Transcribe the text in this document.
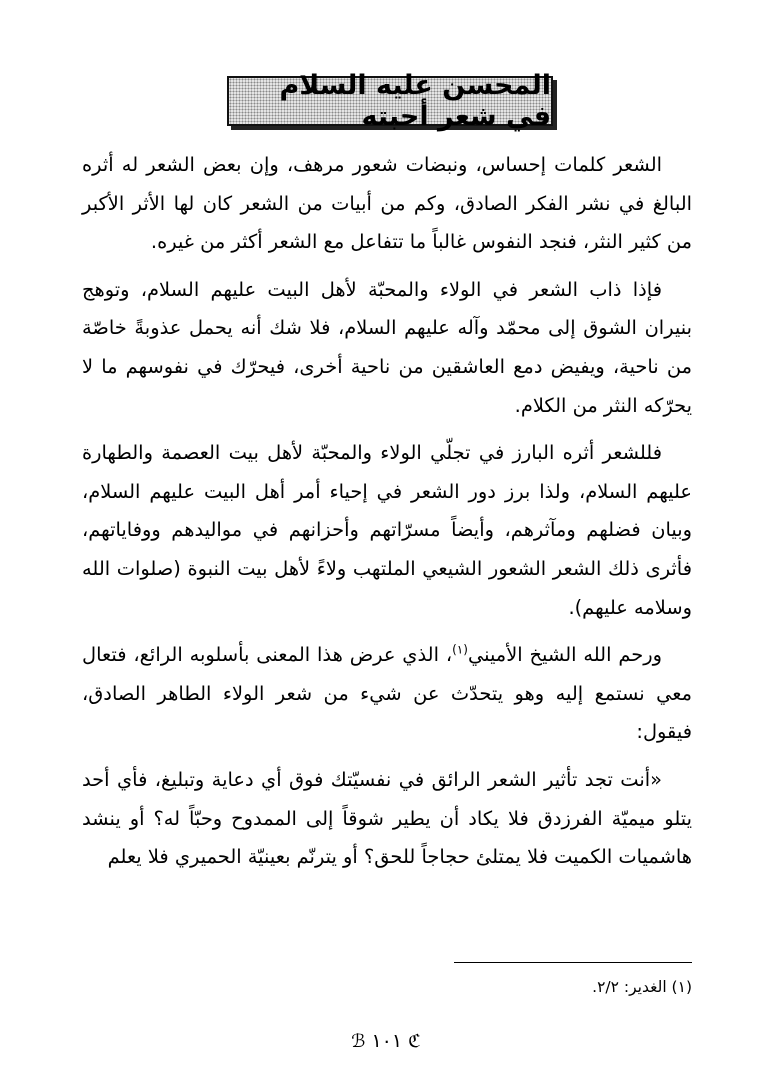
المحسن عليه السلام في شعر أحبته

الشعر كلمات إحساس، ونبضات شعور مرهف، وإن بعض الشعر له أثره البالغ في نشر الفكر الصادق، وكم من أبيات من الشعر كان لها الأثر الأكبر من كثير النثر، فنجد النفوس غالباً ما تتفاعل مع الشعر أكثر من غيره.

فإذا ذاب الشعر في الولاء والمحبّة لأهل البيت عليهم السلام، وتوهج بنيران الشوق إلى محمّد وآله عليهم السلام، فلا شك أنه يحمل عذوبةً خاصّة من ناحية، ويفيض دمع العاشقين من ناحية أخرى، فيحرّك في نفوسهم ما لا يحرّكه النثر من الكلام.

فللشعر أثره البارز في تجلّي الولاء والمحبّة لأهل بيت العصمة والطهارة عليهم السلام، ولذا برز دور الشعر في إحياء أمر أهل البيت عليهم السلام، وبيان فضلهم ومآثرهم، وأيضاً مسرّاتهم وأحزانهم في مواليدهم ووفاياتهم، فأثرى ذلك الشعر الشعور الشيعي الملتهب ولاءً لأهل بيت النبوة (صلوات الله وسلامه عليهم).

ورحم الله الشيخ الأميني$^{(١)}$، الذي عرض هذا المعنى بأسلوبه الرائع، فتعال معي نستمع إليه وهو يتحدّث عن شيء من شعر الولاء الطاهر الصادق، فيقول:

«أنت تجد تأثير الشعر الرائق في نفسيّتك فوق أي دعاية وتبليغ، فأي أحد يتلو ميميّة الفرزدق فلا يكاد أن يطير شوقاً إلى الممدوح وحبّاً له؟ أو ينشد هاشميات الكميت فلا يمتلئ حجاجاً للحق؟ أو يترنّم بعينيّة الحميري فلا يعلم

(١) الغدير: ٢/٢.
ℬ ١٠١ ℭ
